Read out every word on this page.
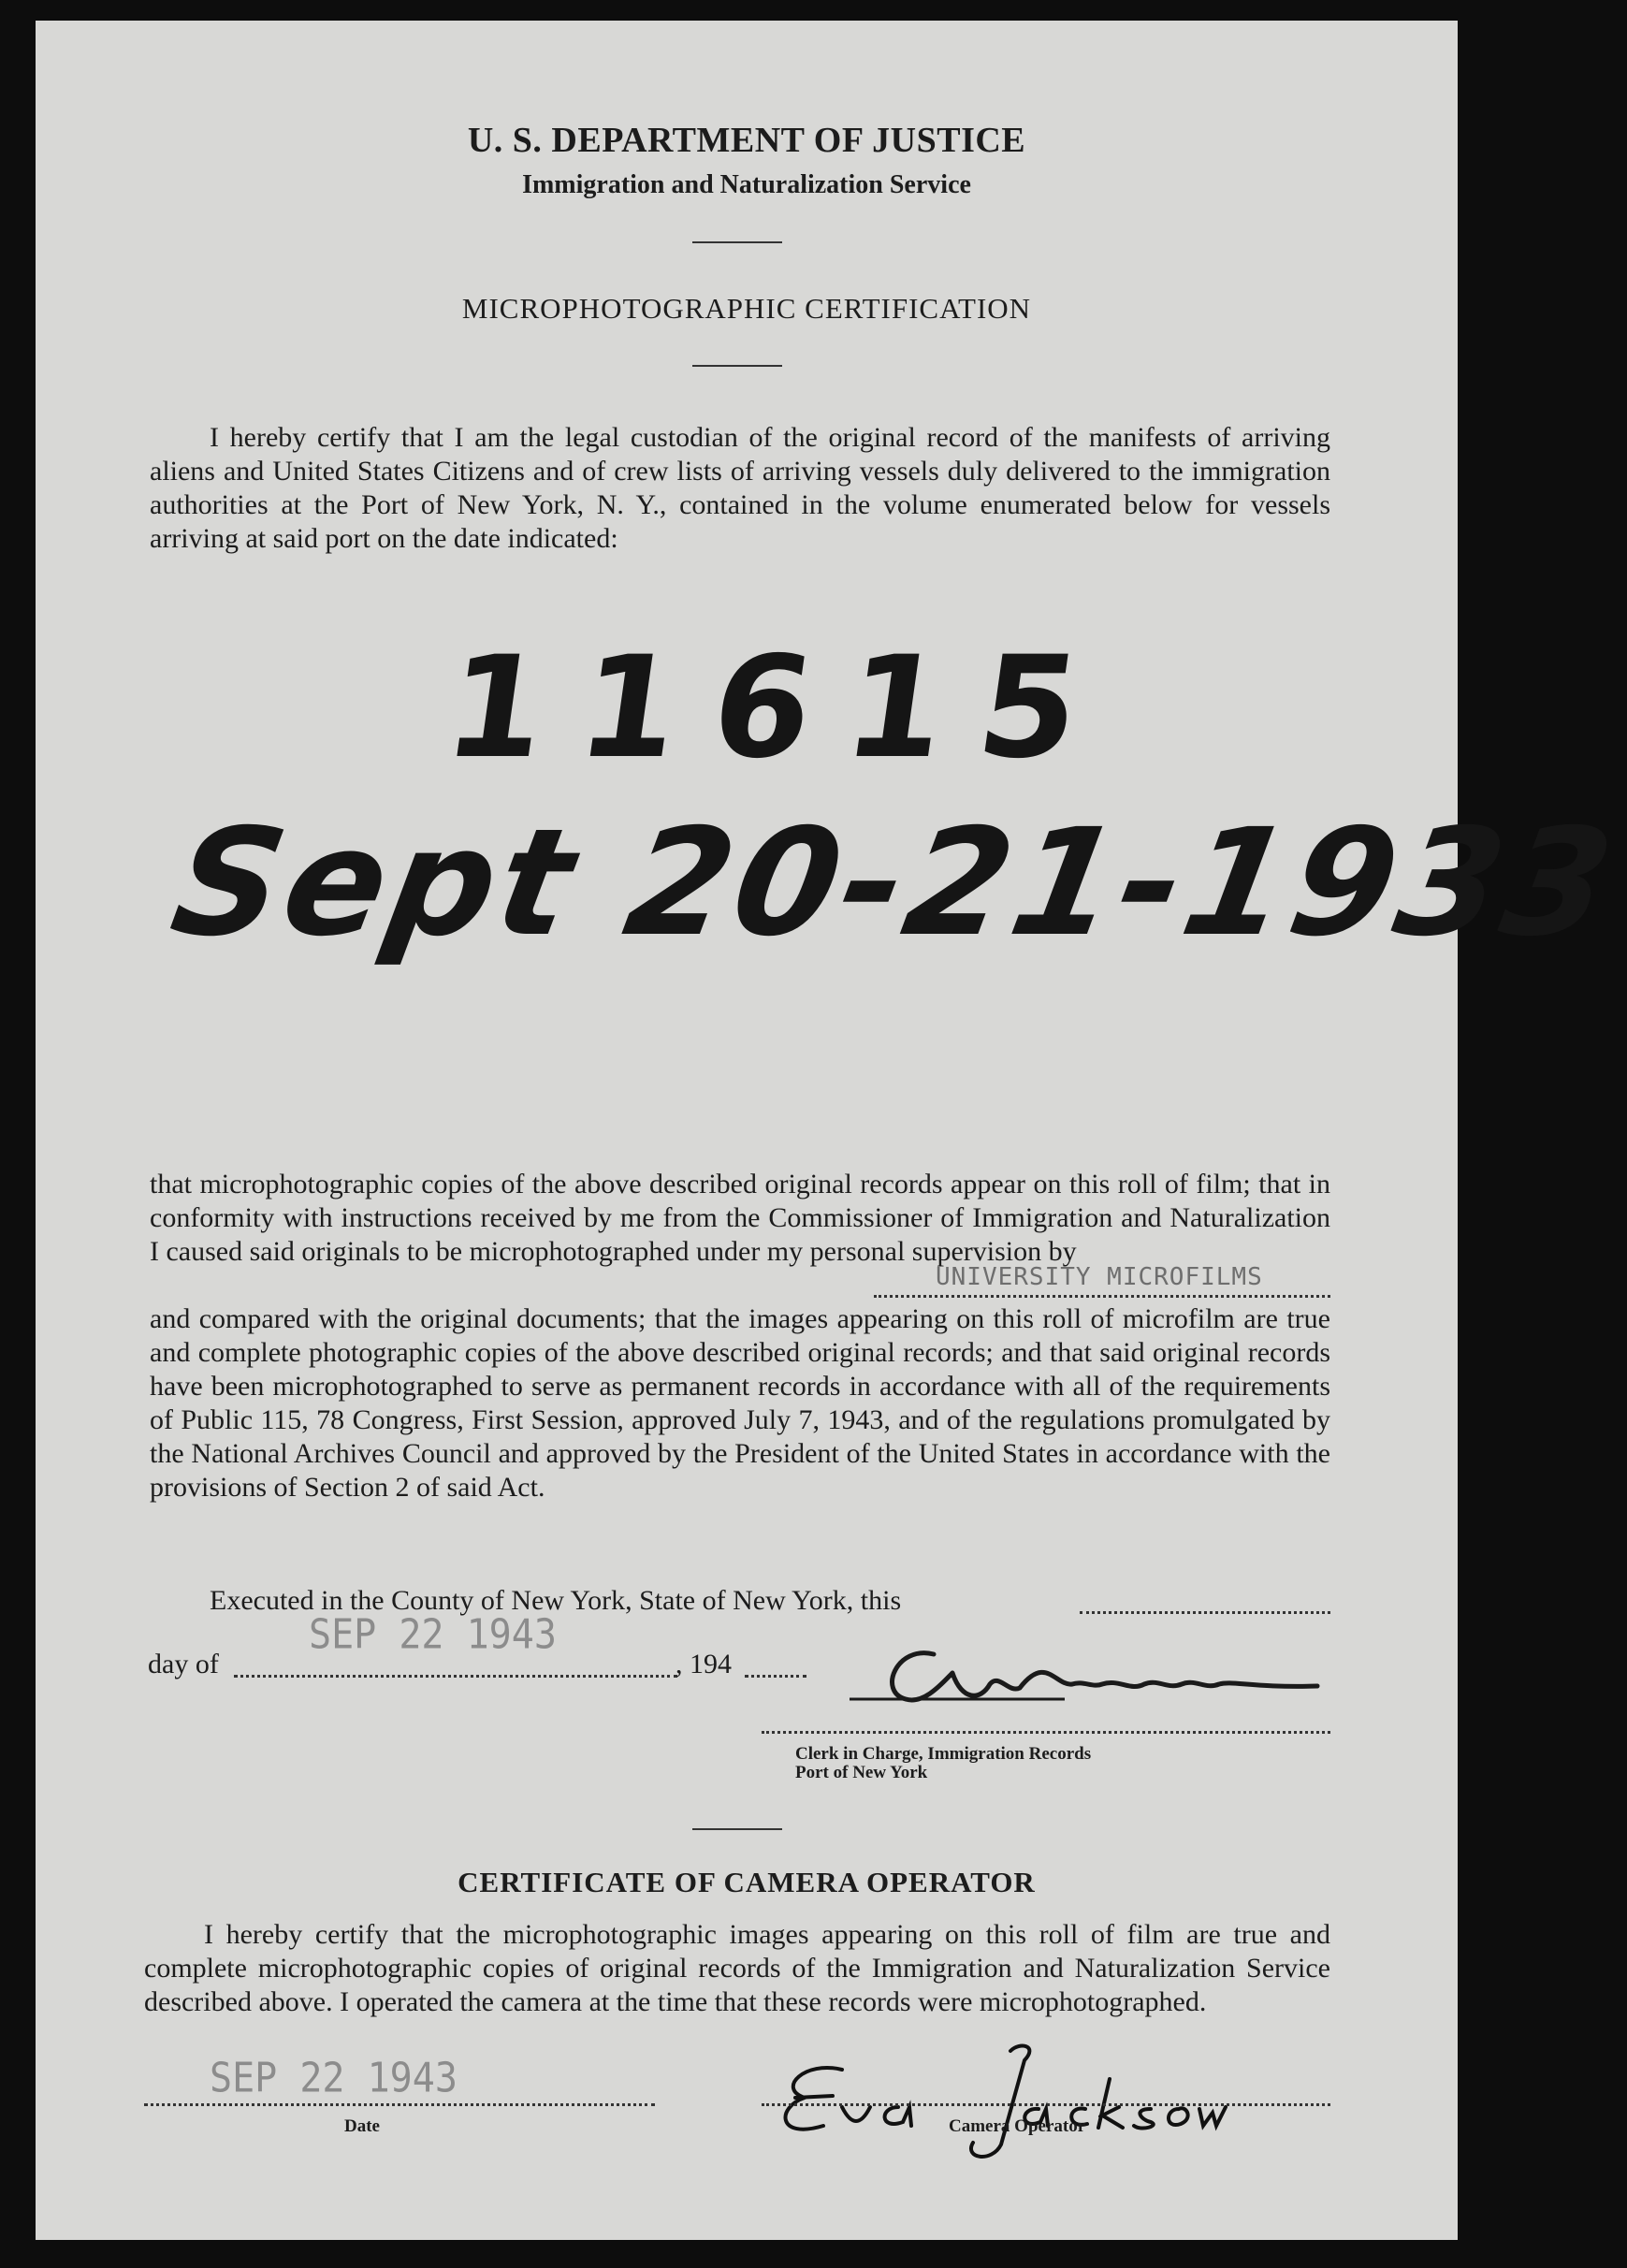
U. S. DEPARTMENT OF JUSTICE
Immigration and Naturalization Service
MICROPHOTOGRAPHIC CERTIFICATION
I hereby certify that I am the legal custodian of the original record of the manifests of arriving aliens and United States Citizens and of crew lists of arriving vessels duly delivered to the immigration authorities at the Port of New York, N. Y., contained in the volume enumerated below for vessels arriving at said port on the date indicated:
11615
Sept 20-21-1933
that microphotographic copies of the above described original records appear on this roll of film; that in conformity with instructions received by me from the Commissioner of Immigration and Naturalization I caused said originals to be microphotographed under my personal supervision by
UNIVERSITY MICROFILMS
and compared with the original documents; that the images appearing on this roll of microfilm are true and complete photographic copies of the above described original records; and that said original records have been microphotographed to serve as permanent records in accordance with all of the requirements of Public 115, 78 Congress, First Session, approved July 7, 1943, and of the regulations promulgated by the National Archives Council and approved by the President of the United States in accordance with the provisions of Section 2 of said Act.
Executed in the County of New York, State of New York, this
day of
SEP 22 1943
, 194
Clerk in Charge, Immigration Records
Port of New York
CERTIFICATE OF CAMERA OPERATOR
I hereby certify that the microphotographic images appearing on this roll of film are true and complete microphotographic copies of original records of the Immigration and Naturalization Service described above. I operated the camera at the time that these records were microphotographed.
SEP 22 1943
Date	Camera Operator
